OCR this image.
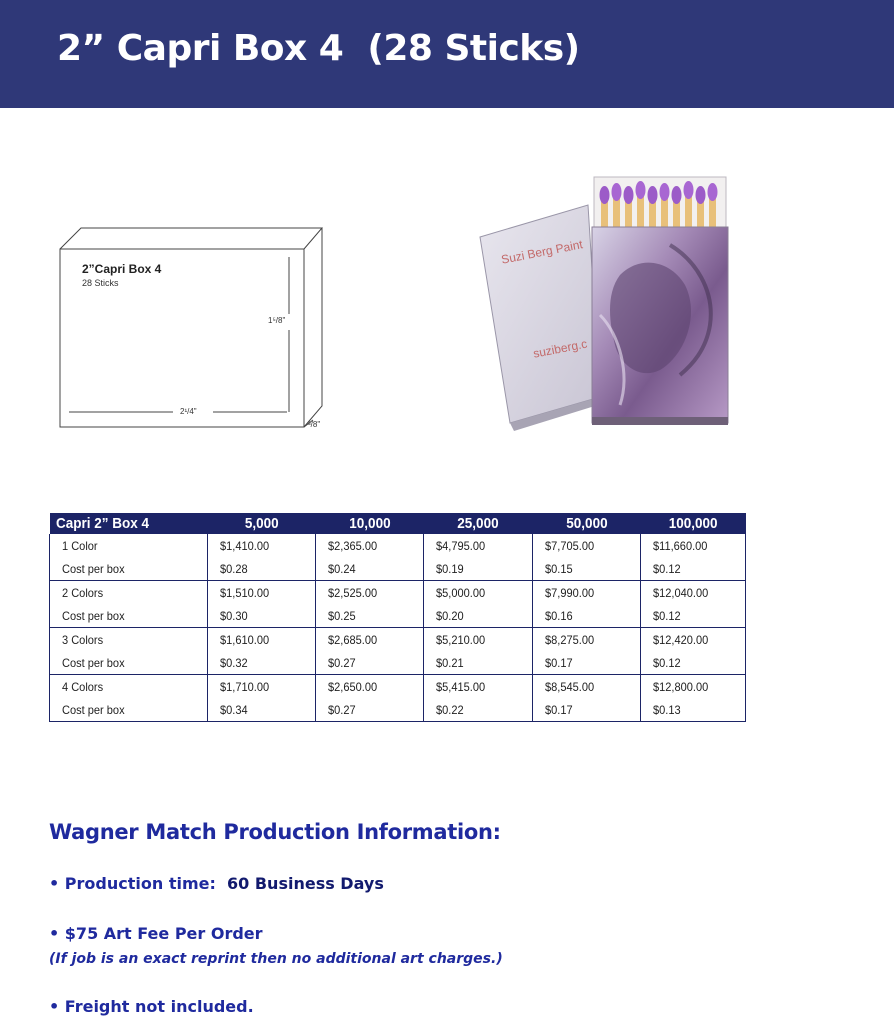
2” Capri Box 4  (28 Sticks)
2”Capri Box 4
28 Sticks
1⁵/8"
2¹/4"
³/8"
Suzi Berg Paint
suziberg.c
Capri 2” Box 4	5,000	10,000	25,000	50,000	100,000
1 Color	$1,410.00	$2,365.00	$4,795.00	$7,705.00	$11,660.00
Cost per box	$0.28	$0.24	$0.19	$0.15	$0.12
2 Colors	$1,510.00	$2,525.00	$5,000.00	$7,990.00	$12,040.00
Cost per box	$0.30	$0.25	$0.20	$0.16	$0.12
3 Colors	$1,610.00	$2,685.00	$5,210.00	$8,275.00	$12,420.00
Cost per box	$0.32	$0.27	$0.21	$0.17	$0.12
4 Colors	$1,710.00	$2,650.00	$5,415.00	$8,545.00	$12,800.00
Cost per box	$0.34	$0.27	$0.22	$0.17	$0.13
Wagner Match Production Information:

• Production time:  60 Business Days

• $75 Art Fee Per Order

(If job is an exact reprint then no additional art charges.)

• Freight not included.
